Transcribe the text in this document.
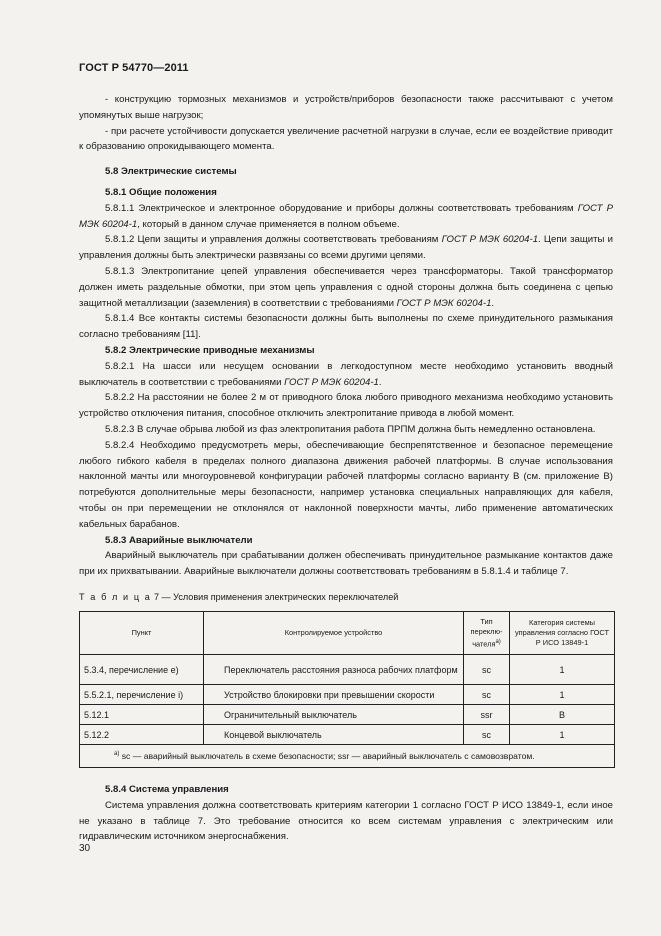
ГОСТ Р 54770—2011

- конструкцию тормозных механизмов и устройств/приборов безопасности также рассчитывают с учетом упомянутых выше нагрузок;

- при расчете устойчивости допускается увеличение расчетной нагрузки в случае, если ее воздействие приводит к образованию опрокидывающего момента.

5.8 Электрические системы

5.8.1 Общие положения

5.8.1.1 Электрическое и электронное оборудование и приборы должны соответствовать требованиям ГОСТ Р МЭК 60204-1, который в данном случае применяется в полном объеме.

5.8.1.2 Цепи защиты и управления должны соответствовать требованиям ГОСТ Р МЭК 60204-1. Цепи защиты и управления должны быть электрически развязаны со всеми другими цепями.

5.8.1.3 Электропитание цепей управления обеспечивается через трансформаторы. Такой трансформатор должен иметь раздельные обмотки, при этом цепь управления с одной стороны должна быть соединена с цепью защитной металлизации (заземления) в соответствии с требованиями ГОСТ Р МЭК 60204-1.

5.8.1.4 Все контакты системы безопасности должны быть выполнены по схеме принудительного размыкания согласно требованиям [11].

5.8.2 Электрические приводные механизмы

5.8.2.1 На шасси или несущем основании в легкодоступном месте необходимо установить вводный выключатель в соответствии с требованиями ГОСТ Р МЭК 60204-1.

5.8.2.2 На расстоянии не более 2 м от приводного блока любого приводного механизма необходимо установить устройство отключения питания, способное отключить электропитание привода в любой момент.

5.8.2.3 В случае обрыва любой из фаз электропитания работа ПРПМ должна быть немедленно остановлена.

5.8.2.4 Необходимо предусмотреть меры, обеспечивающие беспрепятственное и безопасное перемещение любого гибкого кабеля в пределах полного диапазона движения рабочей платформы. В случае использования наклонной мачты или многоуровневой конфигурации рабочей платформы согласно варианту В (см. приложение В) потребуются дополнительные меры безопасности, например установка специальных направляющих для кабеля, чтобы он при перемещении не отклонялся от наклонной поверхности мачты, либо применение автоматических кабельных барабанов.

5.8.3 Аварийные выключатели

Аварийный выключатель при срабатывании должен обеспечивать принудительное размыкание контактов даже при их прихватывании. Аварийные выключатели должны соответствовать требованиям в 5.8.1.4 и таблице 7.

Т а б л и ц а 7 — Условия применения электрических переключателей
Пункт	Контролируемое устройство	Тип переклю-чателя$^{а)}$	Категория системы управления согласно ГОСТ Р ИСО 13849-1
5.3.4, перечисление е)	Переключатель расстояния разноса рабочих платформ	sc	1
5.5.2.1, перечисление i)	Устройство блокировки при превышении скорости	sc	1
5.12.1	Ограничительный выключатель	ssr	В
5.12.2	Концевой выключатель	sc	1
$^{а)}$ sc — аварийный выключатель в схеме безопасности; ssr — аварийный выключатель с самовозвратом.			

5.8.4 Система управления

Система управления должна соответствовать критериям категории 1 согласно ГОСТ Р ИСО 13849-1, если иное не указано в таблице 7. Это требование относится ко всем системам управления с электрическим или гидравлическим источником энергоснабжения.

30
